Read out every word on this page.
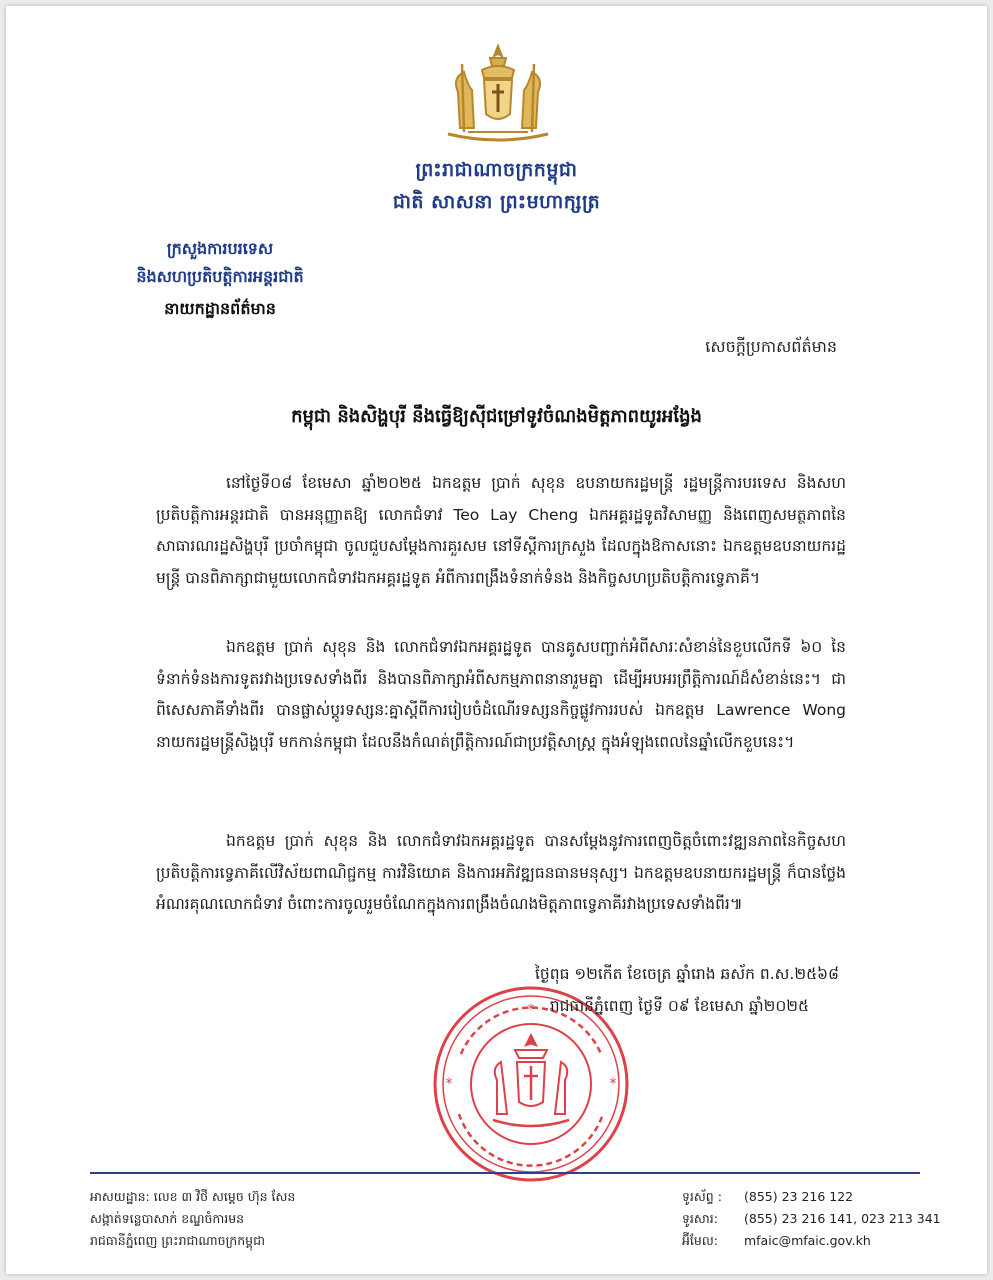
ព្រះរាជាណាចក្រកម្ពុជា
ជាតិ សាសនា ព្រះមហាក្សត្រ
ក្រសួងការបរទេស
និងសហប្រតិបត្តិការអន្តរជាតិ
នាយកដ្ឋានព័ត៌មាន
សេចក្តីប្រកាសព័ត៌មាន
កម្ពុជា និងសិង្ហបុរី នឹងធ្វើឱ្យស៊ីជម្រៅទូវចំណងមិត្តភាពយូរអង្វែង
នៅថ្ងៃទី០៨ ខែមេសា ឆ្នាំ២០២៥ ឯកឧត្តម ប្រាក់ សុខុន ឧបនាយករដ្ឋមន្ត្រី រដ្ឋមន្ត្រីការបរទេស និងសហប្រតិបត្តិការអន្តរជាតិ បានអនុញ្ញាតឱ្យ លោកជំទាវ Teo Lay Cheng ឯកអគ្គរដ្ឋទូតវិសាមញ្ញ និងពេញសមត្ថភាពនៃសាធារណរដ្ឋសិង្ហបុរី ប្រចាំកម្ពុជា ចូលជួបសម្តែងការគួរសម នៅទីស្តីការក្រសួង ដែលក្នុងឱកាសនោះ ឯកឧត្តមឧបនាយករដ្ឋមន្ត្រី បានពិភាក្សាជាមួយលោកជំទាវឯកអគ្គរដ្ឋទូត អំពីការពង្រឹងទំនាក់ទំនង និងកិច្ចសហប្រតិបត្តិការទ្វេភាគី។
ឯកឧត្តម ប្រាក់ សុខុន និង លោកជំទាវឯកអគ្គរដ្ឋទូត បានគូសបញ្ជាក់អំពីសារៈសំខាន់នៃខួបលើកទី ៦០ នៃទំនាក់ទំនងការទូតរវាងប្រទេសទាំងពីរ និងបានពិភាក្សាអំពីសកម្មភាពនានារួមគ្នា ដើម្បីអបអរព្រឹត្តិការណ៍ដ៏សំខាន់នេះ។ ជាពិសេសភាគីទាំងពីរ បានផ្លាស់ប្តូរទស្សនៈគ្នាស្តីពីការរៀបចំដំណើរទស្សនកិច្ចផ្លូវការរបស់ ឯកឧត្តម Lawrence Wong នាយករដ្ឋមន្ត្រីសិង្ហបុរី មកកាន់កម្ពុជា ដែលនឹងកំណត់ព្រឹត្តិការណ៍ជាប្រវត្តិសាស្ត្រ ក្នុងអំឡុងពេលនៃឆ្នាំលើកខួបនេះ។
ឯកឧត្តម ប្រាក់ សុខុន និង លោកជំទាវឯកអគ្គរដ្ឋទូត បានសម្តែងនូវការពេញចិត្តចំពោះវឌ្ឍនភាពនៃកិច្ចសហប្រតិបត្តិការទ្វេភាគីលើវិស័យពាណិជ្ជកម្ម ការវិនិយោគ និងការអភិវឌ្ឍធនធានមនុស្ស។ ឯកឧត្តមឧបនាយករដ្ឋមន្ត្រី ក៏បានថ្លែងអំណរគុណលោកជំទាវ ចំពោះការចូលរួមចំណែកក្នុងការពង្រឹងចំណងមិត្តភាពទ្វេភាគីរវាងប្រទេសទាំងពីរ៕
*
*	*
ថ្ងៃពុធ ១២កើត ខែចេត្រ ឆ្នាំរោង ឆស័ក ព.ស.២៥៦៨
រាជធានីភ្នំពេញ ថ្ងៃទី ០៩ ខែមេសា ឆ្នាំ២០២៥
អាសយដ្ឋាន: លេខ ៣ វិថី សម្តេច ហ៊ុន សែន
សង្កាត់ទន្លេបាសាក់ ខណ្ឌចំការមន
រាជធានីភ្នំពេញ ព្រះរាជាណាចក្រកម្ពុជា
ទូរស័ព្ទ : (855) 23 216 122
ទូរសារ: (855) 23 216 141, 023 213 341
អ៊ីមែល: mfaic@mfaic.gov.kh
